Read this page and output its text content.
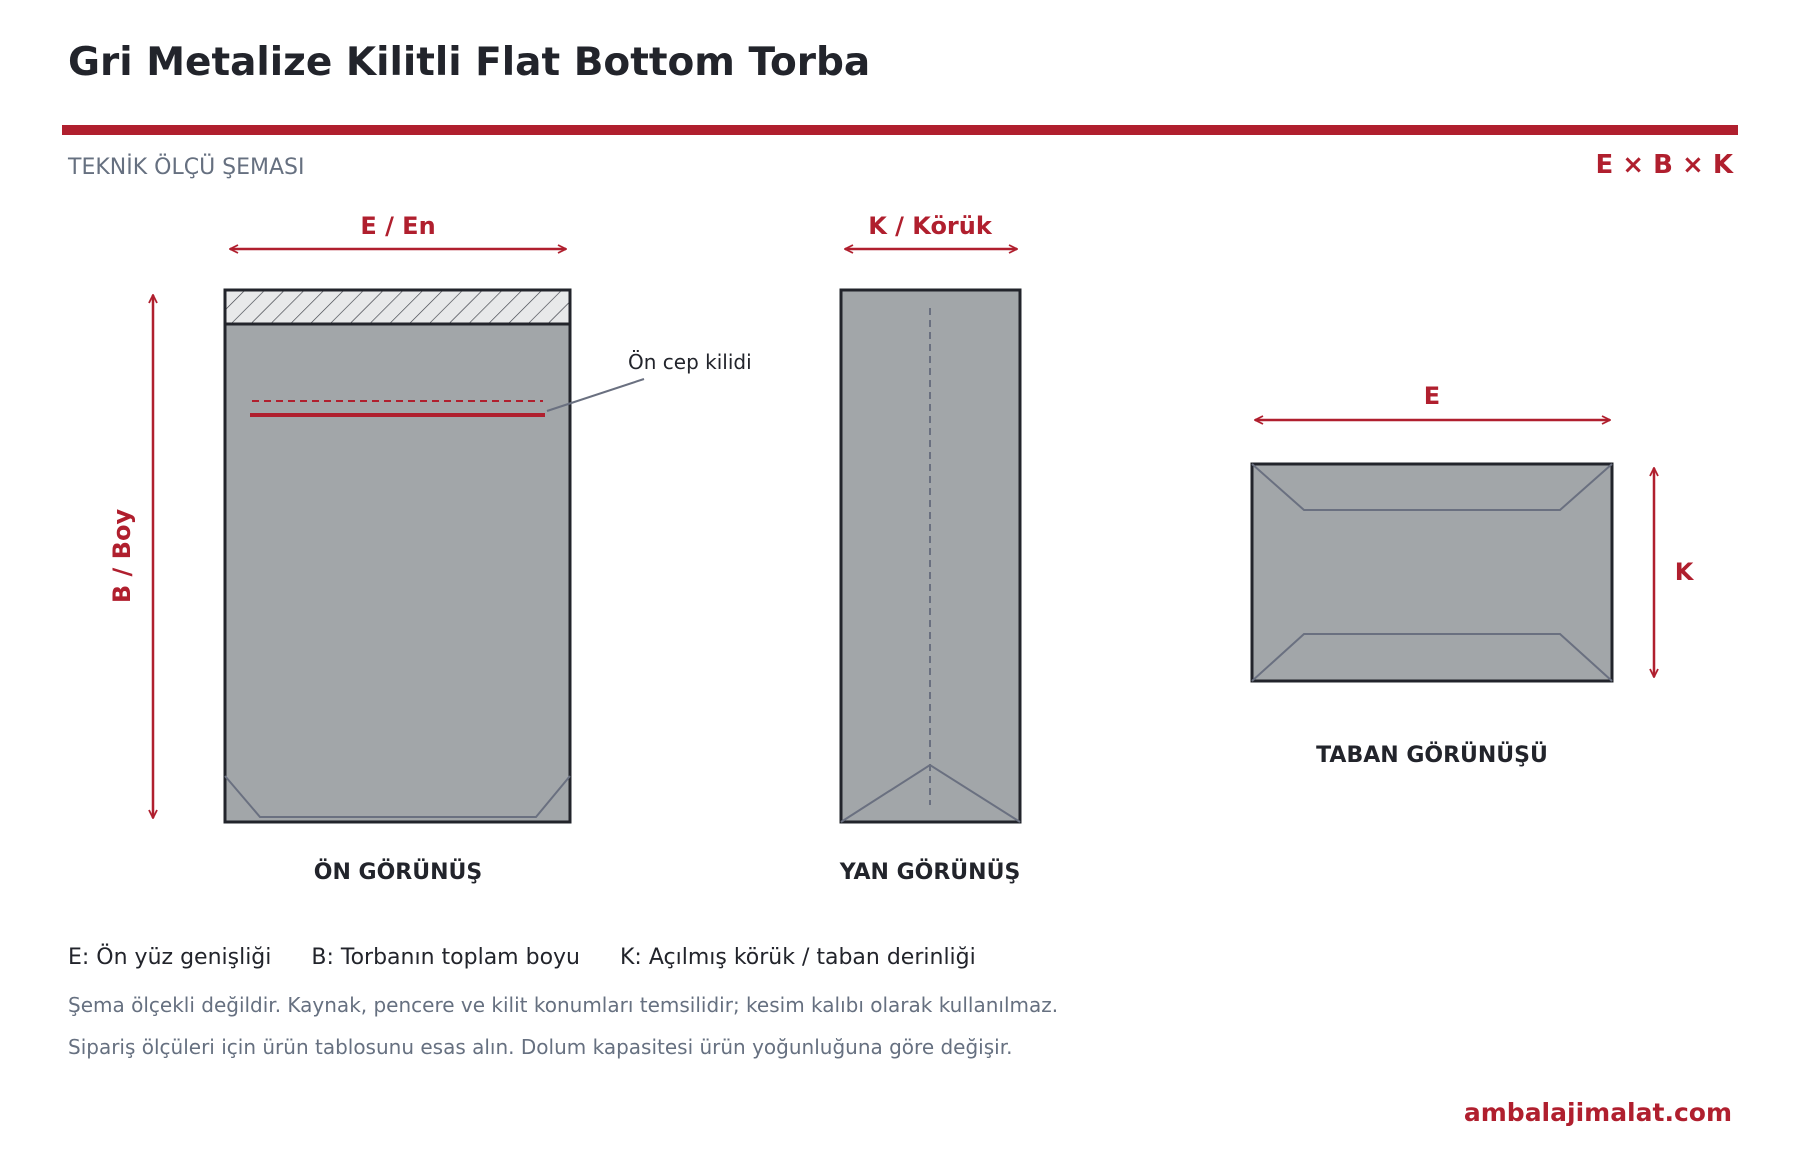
Gri Metalize Kilitli Flat Bottom Torba
TEKNİK ÖLÇÜ ŞEMASI	E × B × K
E / En
B / Boy
Ön cep kilidi
ÖN GÖRÜNÜŞ
K / Körük
YAN GÖRÜNÜŞ
E
K
TABAN GÖRÜNÜŞÜ
E: Ön yüz genişliği B: Torbanın toplam boyu K: Açılmış körük / taban derinliği
Şema ölçekli değildir. Kaynak, pencere ve kilit konumları temsilidir; kesim kalıbı olarak kullanılmaz.
Sipariş ölçüleri için ürün tablosunu esas alın. Dolum kapasitesi ürün yoğunluğuna göre değişir.
ambalajimalat.com
